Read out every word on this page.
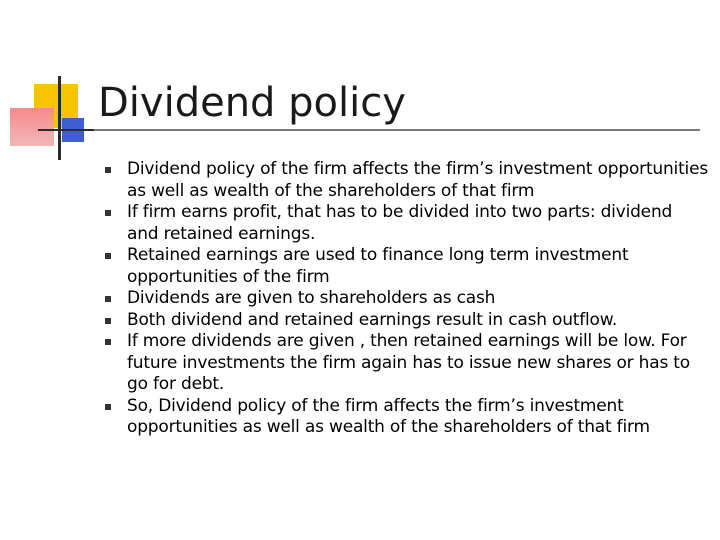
Dividend policy
Dividend policy of the firm affects the firm’s investment opportunities as well as wealth of the shareholders of that firm
If firm earns profit, that has to be divided into two parts: dividend and retained earnings.
Retained earnings are used to finance long term investment opportunities of the firm
Dividends are given to shareholders as cash
Both dividend and retained earnings result in cash outflow.
If more dividends are given , then retained earnings will be low. For future investments the firm again has to issue new shares or has to go for debt.
So, Dividend policy of the firm affects the firm’s investment opportunities as well as wealth of the shareholders of that firm
